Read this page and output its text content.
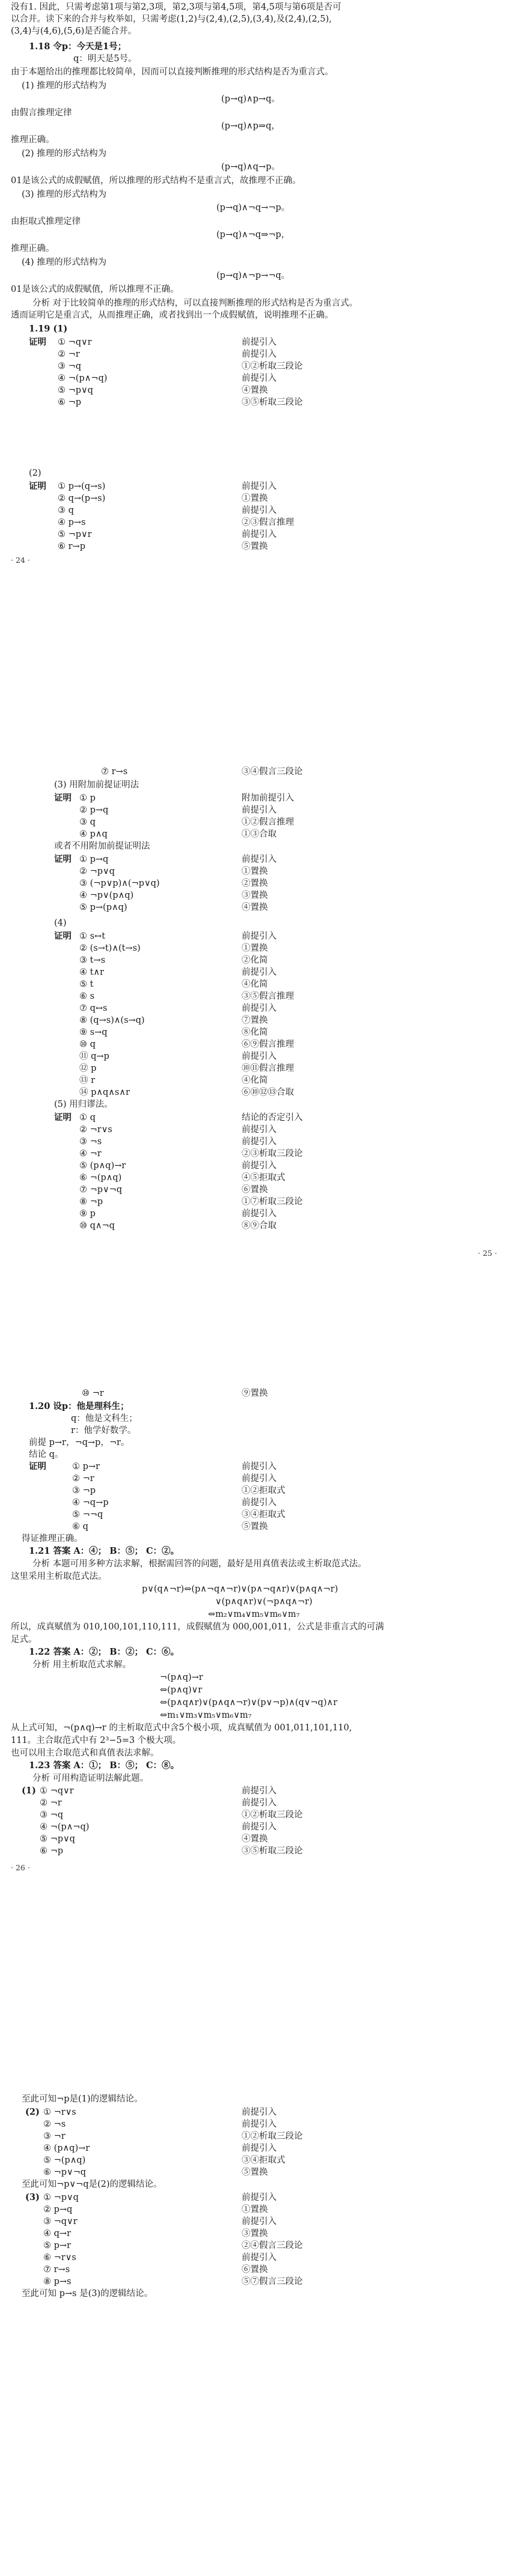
没有1. 因此，只需考虑第1项与第2,3项，第2,3项与第4,5项，第4,5项与第6项是否可
以合并。读下来的合并与枚举如，只需考虑(1,2)与(2,4),(2,5),(3,4),及(2,4),(2,5),
(3,4)与(4,6),(5,6)是否能合并。
1.18 令p：今天是1号；
q：明天是5号。
由于本题给出的推理都比较简单，因而可以直接判断推理的形式结构是否为重言式。
(1) 推理的形式结构为
(p→q)∧p→q。
由假言推理定律
(p→q)∧p⇒q，
推理正确。
(2) 推理的形式结构为
(p→q)∧q→p。
01是该公式的成假赋值，所以推理的形式结构不是重言式，故推理不正确。
(3) 推理的形式结构为
(p→q)∧¬q→¬p。
由拒取式推理定律
(p→q)∧¬q⇒¬p，
推理正确。
(4) 推理的形式结构为
(p→q)∧¬p→¬q。
01是该公式的成假赋值，所以推理不正确。
分析 对于比较简单的推理的形式结构，可以直接判断推理的形式结构是否为重言式。
透而证明它是重言式，从而推理正确，或者找到出一个成假赋值，说明推理不正确。
1.19 (1)
(2)
证明 ① ¬q∨r	前提引入
② ¬r	前提引入
③ ¬q	①②析取三段论
④ ¬(p∧¬q)	前提引入
⑤ ¬p∨q	④置换
⑥ ¬p	③⑤析取三段论
证明 ① p→(q→s)	前提引入
② q→(p→s)	①置换
③ q	前提引入
④ p→s	②③假言推理
⑤ ¬p∨r	前提引入
⑥ r→p	⑤置换
· 24 ·
⑦ r→s	③④假言三段论
(3) 用附加前提证明法
证明 ① p	附加前提引入
② p→q	前提引入
③ q	①②假言推理
④ p∧q	①③合取
或者不用附加前提证明法
证明 ① p→q	前提引入
② ¬p∨q	①置换
③ (¬p∨p)∧(¬p∨q)	②置换
④ ¬p∨(p∧q)	③置换
⑤ p→(p∧q)	④置换
(4)
证明 ① s↔t	前提引入
② (s→t)∧(t→s)	①置换
③ t→s	②化简
④ t∧r	前提引入
⑤ t	④化简
⑥ s	③⑤假言推理
⑦ q↔s	前提引入
⑧ (q→s)∧(s→q)	⑦置换
⑨ s→q	⑧化简
⑩ q	⑥⑨假言推理
⑪ q→p	前提引入
⑫ p	⑩⑪假言推理
⑬ r	④化简
⑭ p∧q∧s∧r	⑥⑩⑫⑬合取
(5) 用归谬法。
证明 ① q	结论的否定引入
② ¬r∨s	前提引入
③ ¬s	前提引入
④ ¬r	②③析取三段论
⑤ (p∧q)→r	前提引入
⑥ ¬(p∧q)	④⑤拒取式
⑦ ¬p∨¬q	⑥置换
⑧ ¬p	①⑦析取三段论
⑨ p	前提引入
⑩ q∧¬q	⑧⑨合取
· 25 ·
⑩ ¬r	⑨置换
1.20 设p：他是理科生；
q：他是文科生；
r：他学好数学。
前提 p→r，¬q→p，¬r。
结论 q。
证明	① p→r	前提引入
② ¬r	前提引入
③ ¬p	①②拒取式
④ ¬q→p	前提引入
⑤ ¬¬q	③④拒取式
⑥ q	⑤置换
得证推理正确。
1.21 答案 A：④； B：⑤； C：②。
分析 本题可用多种方法求解，根据需回答的问题，最好是用真值表法或主析取范式法。
这里采用主析取范式法。
p∨(q∧¬r)⇔(p∧¬q∧¬r)∨(p∧¬q∧r)∨(p∧q∧¬r)
∨(p∧q∧r)∨(¬p∧q∧¬r)
⇔m₂∨m₄∨m₅∨m₆∨m₇
所以，成真赋值为 010,100,101,110,111，成假赋值为 000,001,011，公式是非重言式的可满
足式。
1.22 答案 A：②； B：②； C：⑥。
分析 用主析取范式求解。
¬(p∧q)→r
⇔(p∧q)∨r
⇔(p∧q∧r)∨(p∧q∧¬r)∨(p∨¬p)∧(q∨¬q)∧r
⇔m₁∨m₃∨m₅∨m₆∨m₇
从上式可知，¬(p∧q)→r 的主析取范式中含5个极小项，成真赋值为 001,011,101,110,
111。主合取范式中有 2³−5=3 个极大项。
也可以用主合取范式和真值表法求解。
1.23 答案 A：①； B：⑤； C：⑧。
分析 可用构造证明法解此题。
(1) ① ¬q∨r	前提引入
② ¬r	前提引入
③ ¬q	①②析取三段论
④ ¬(p∧¬q)	前提引入
⑤ ¬p∨q	④置换
⑥ ¬p	③⑤析取三段论
· 26 ·
至此可知¬p是(1)的逻辑结论。
(2) ① ¬r∨s	前提引入
② ¬s	前提引入
③ ¬r	①②析取三段论
④ (p∧q)→r	前提引入
⑤ ¬(p∧q)	③④拒取式
⑥ ¬p∨¬q	⑤置换
至此可知¬p∨¬q是(2)的逻辑结论。
(3) ① ¬p∨q	前提引入
② p→q	①置换
③ ¬q∨r	前提引入
④ q→r	③置换
⑤ p→r	②④假言三段论
⑥ ¬r∨s	前提引入
⑦ r→s	⑥置换
⑧ p→s	⑤⑦假言三段论
至此可知 p→s 是(3)的逻辑结论。
